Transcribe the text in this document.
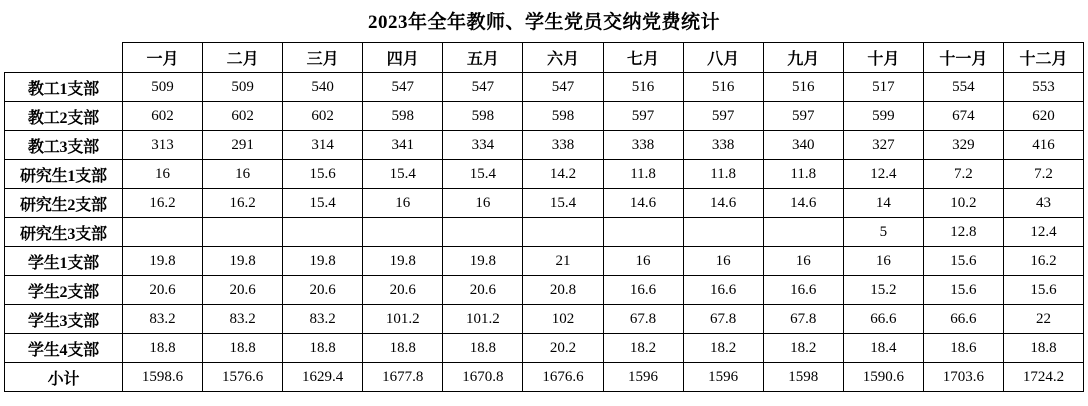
2023年全年教师、学生党员交纳党费统计
	一月	二月	三月	四月	五月	六月	七月	八月	九月	十月	十一月	十二月
教工1支部	509	509	540	547	547	547	516	516	516	517	554	553
教工2支部	602	602	602	598	598	598	597	597	597	599	674	620
教工3支部	313	291	314	341	334	338	338	338	340	327	329	416
研究生1支部	16	16	15.6	15.4	15.4	14.2	11.8	11.8	11.8	12.4	7.2	7.2
研究生2支部	16.2	16.2	15.4	16	16	15.4	14.6	14.6	14.6	14	10.2	43
研究生3支部										5	12.8	12.4
学生1支部	19.8	19.8	19.8	19.8	19.8	21	16	16	16	16	15.6	16.2
学生2支部	20.6	20.6	20.6	20.6	20.6	20.8	16.6	16.6	16.6	15.2	15.6	15.6
学生3支部	83.2	83.2	83.2	101.2	101.2	102	67.8	67.8	67.8	66.6	66.6	22
学生4支部	18.8	18.8	18.8	18.8	18.8	20.2	18.2	18.2	18.2	18.4	18.6	18.8
小计	1598.6	1576.6	1629.4	1677.8	1670.8	1676.6	1596	1596	1598	1590.6	1703.6	1724.2
